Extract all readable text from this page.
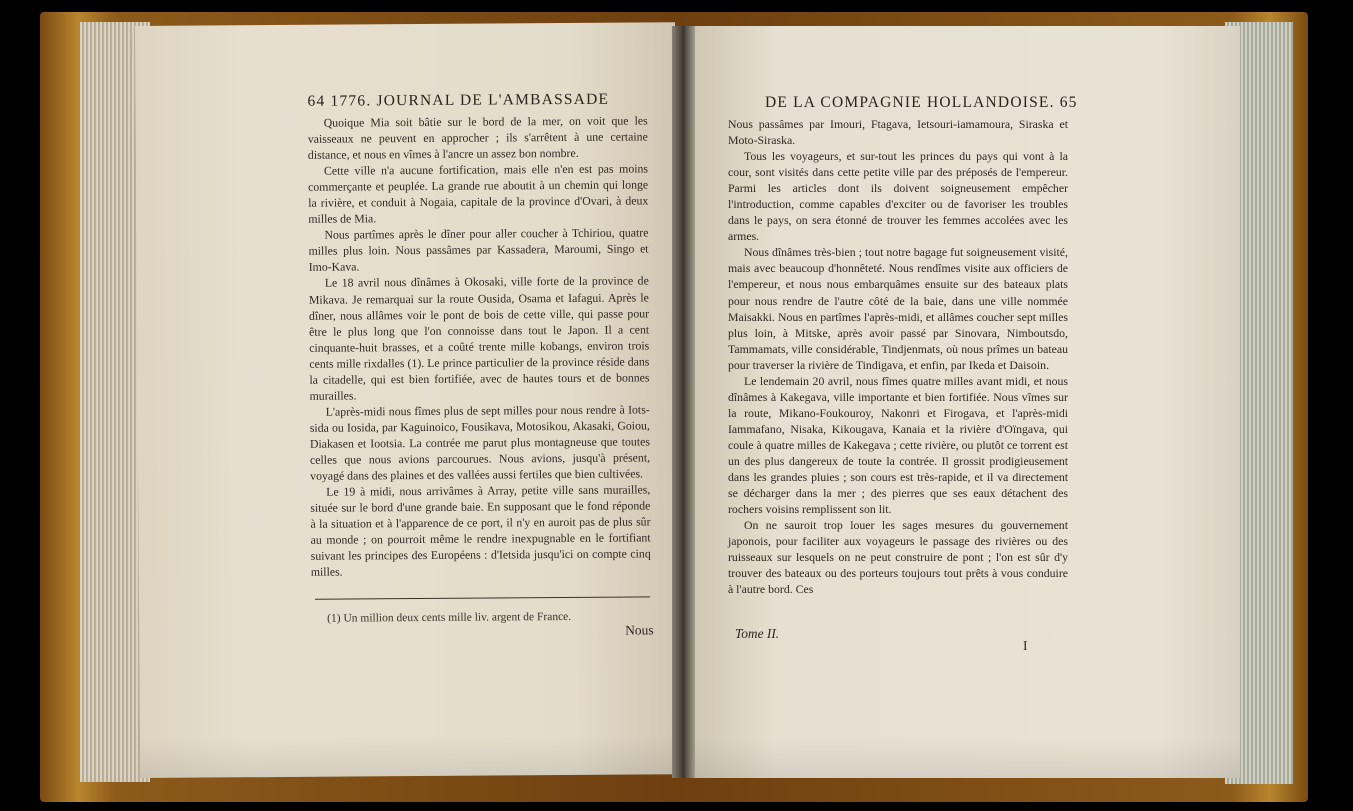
64 1776. JOURNAL DE L'AMBASSADE

Quoique Mia soit bâtie sur le bord de la mer, on voit que les vaisseaux ne peuvent en approcher ; ils s'arrêtent à une certaine distance, et nous en vîmes à l'ancre un assez bon nombre.

Cette ville n'a aucune fortification, mais elle n'en est pas moins commerçante et peuplée. La grande rue aboutit à un chemin qui longe la rivière, et conduit à Nogaia, capitale de la province d'Ovari, à deux milles de Mia.

Nous partîmes après le dîner pour aller coucher à Tchiriou, quatre milles plus loin. Nous passâmes par Kassadera, Maroumi, Singo et Imo-Kava.

Le 18 avril nous dînâmes à Okosaki, ville forte de la province de Mikava. Je remarquai sur la route Ousida, Osama et Iafagui. Après le dîner, nous allâmes voir le pont de bois de cette ville, qui passe pour être le plus long que l'on connoisse dans tout le Japon. Il a cent cinquante-huit brasses, et a coûté trente mille kobangs, environ trois cents mille rixdalles (1). Le prince particulier de la province réside dans la citadelle, qui est bien fortifiée, avec de hautes tours et de bonnes murailles.

L'après-midi nous fîmes plus de sept milles pour nous rendre à Iots-sida ou Iosida, par Kaguinoico, Fousikava, Motosikou, Akasaki, Goiou, Diakasen et Iootsia. La contrée me parut plus montagneuse que toutes celles que nous avions parcourues. Nous avions, jusqu'à présent, voyagé dans des plaines et des vallées aussi fertiles que bien cultivées.

Le 19 à midi, nous arrivâmes à Array, petite ville sans murailles, située sur le bord d'une grande baie. En supposant que le fond réponde à la situation et à l'apparence de ce port, il n'y en auroit pas de plus sûr au monde ; on pourroit même le rendre inexpugnable en le fortifiant suivant les principes des Européens : d'Ietsida jusqu'ici on compte cinq milles.

(1) Un million deux cents mille liv. argent de France.
Nous
DE LA COMPAGNIE HOLLANDOISE. 65

Nous passâmes par Imouri, Ftagava, Ietsouri-iamamoura, Siraska et Moto-Siraska.

Tous les voyageurs, et sur-tout les princes du pays qui vont à la cour, sont visités dans cette petite ville par des préposés de l'empereur. Parmi les articles dont ils doivent soigneusement empêcher l'introduction, comme capables d'exciter ou de favoriser les troubles dans le pays, on sera étonné de trouver les femmes accolées avec les armes.

Nous dînâmes très-bien ; tout notre bagage fut soigneusement visité, mais avec beaucoup d'honnêteté. Nous rendîmes visite aux officiers de l'empereur, et nous nous embarquâmes ensuite sur des bateaux plats pour nous rendre de l'autre côté de la baie, dans une ville nommée Maisakki. Nous en partîmes l'après-midi, et allâmes coucher sept milles plus loin, à Mitske, après avoir passé par Sinovara, Nimboutsdo, Tammamats, ville considérable, Tindjenmats, où nous prîmes un bateau pour traverser la rivière de Tindigava, et enfin, par Ikeda et Daisoin.

Le lendemain 20 avril, nous fîmes quatre milles avant midi, et nous dînâmes à Kakegava, ville importante et bien fortifiée. Nous vîmes sur la route, Mikano-Foukouroy, Nakonri et Firogava, et l'après-midi Iammafano, Nisaka, Kikougava, Kanaia et la rivière d'Oïngava, qui coule à quatre milles de Kakegava ; cette rivière, ou plutôt ce torrent est un des plus dangereux de toute la contrée. Il grossit prodigieusement dans les grandes pluies ; son cours est très-rapide, et il va directement se décharger dans la mer ; des pierres que ses eaux détachent des rochers voisins remplissent son lit.

On ne sauroit trop louer les sages mesures du gouvernement japonois, pour faciliter aux voyageurs le passage des rivières ou des ruisseaux sur lesquels on ne peut construire de pont ; l'on est sûr d'y trouver des bateaux ou des porteurs toujours tout prêts à vous conduire à l'autre bord. Ces

Tome II.
I
